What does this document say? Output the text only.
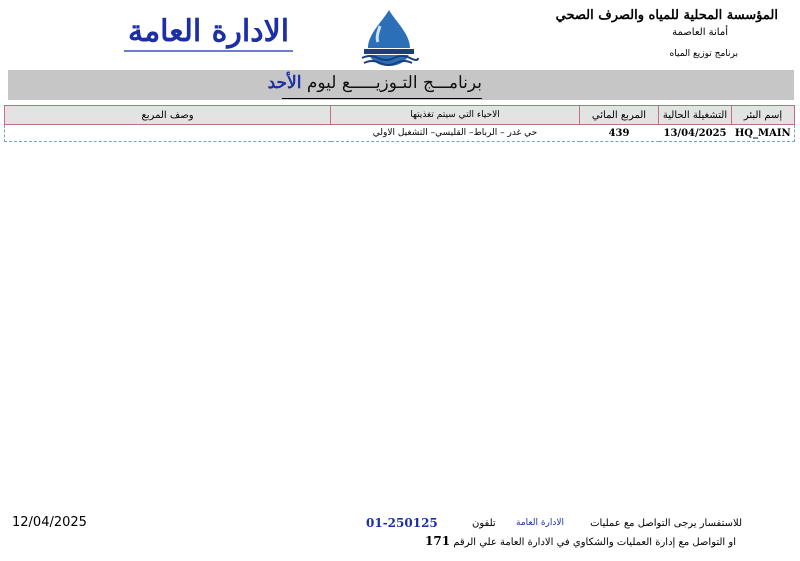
المؤسسة المحلية للمياه والصرف الصحي
أمانة العاصمة
برنامج توزيع المياه
الادارة العامة
برنامـــج التـوزيـــــع ليوم الأحد
إسم البئر	التشغيلة الحالية	المربع المائي	الاحياء التي سيتم تغذيتها	وصف المربع
HQ_MAIN	13/04/2025	439	حي غدر – الرباط– القليسي– التشغيل الاولي	
12/04/2025	للاستفسار يرجى التواصل مع عمليات
الادارة العامة
تلفون
01-250125
او التواصل مع إدارة العمليات والشكاوي في الادارة العامة علي الرقم 171
